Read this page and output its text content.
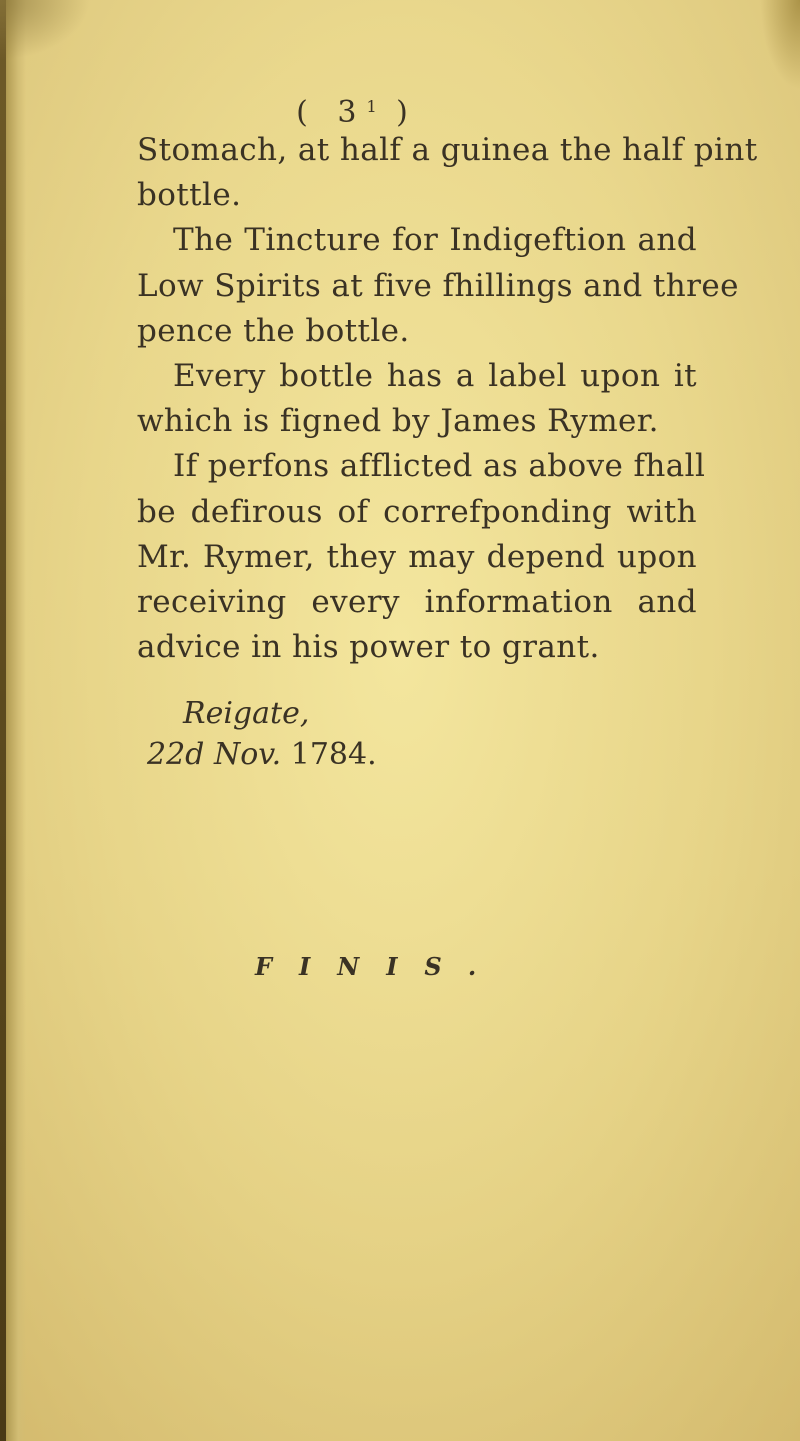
( $3^1$ )
Stomach, at half a guinea the half pint
bottle.
The Tincture for Indigeftion and
Low Spirits at five fhillings and three
pence the bottle.
Every bottle has a label upon it
which is figned by James Rymer.
If perfons afflicted as above fhall
be defirous of correfponding with
Mr. Rymer, they may depend upon
receiving every information and
advice in his power to grant.
Reigate,
22d Nov. 1784.
FINIS.
